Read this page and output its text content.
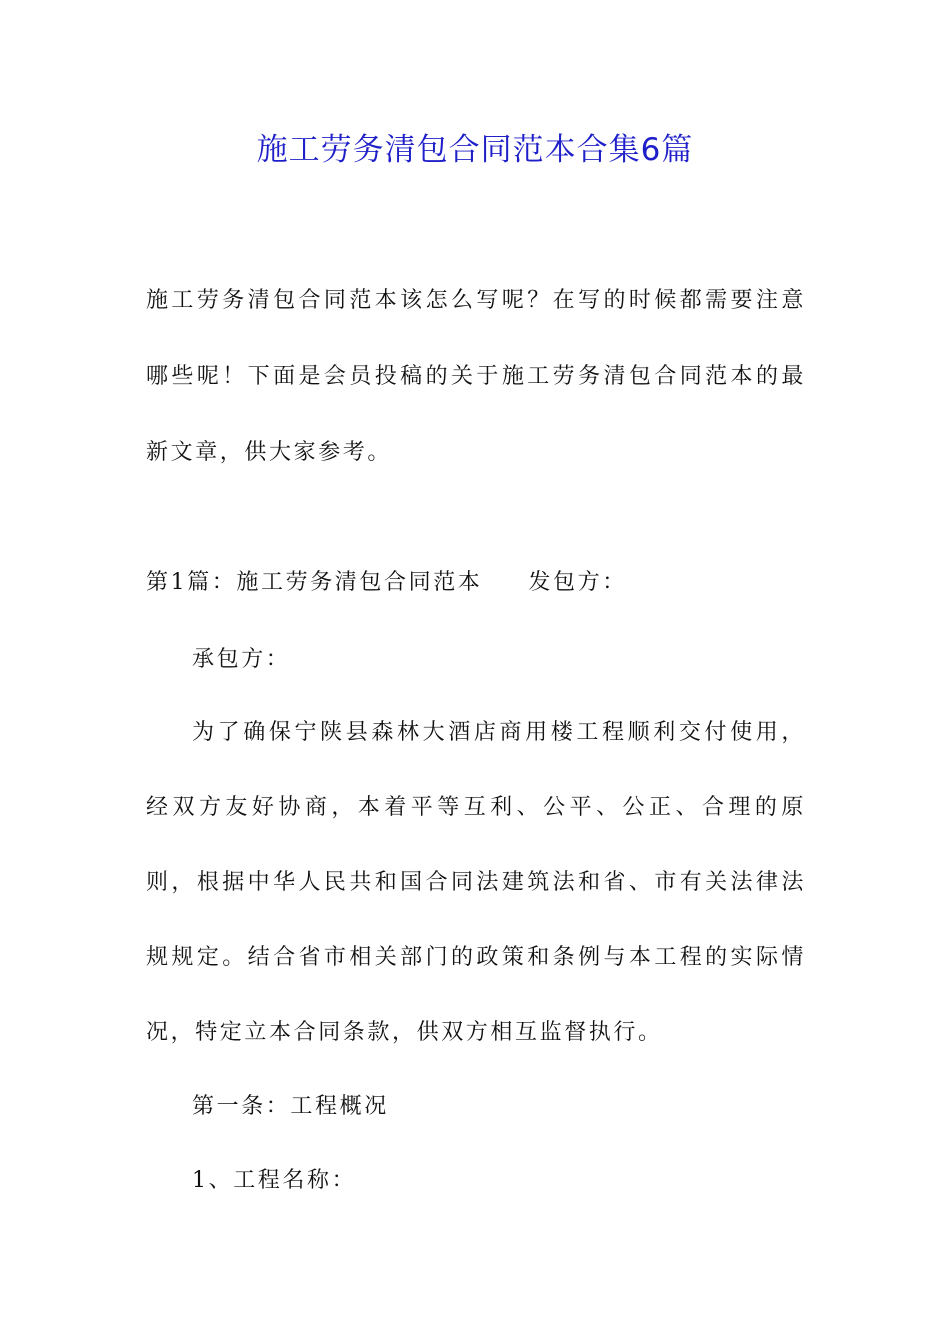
施工劳务清包合同范本合集6篇

施工劳务清包合同范本该怎么写呢？在写的时候都需要注意哪些呢！下面是会员投稿的关于施工劳务清包合同范本的最新文章，供大家参考。

第1篇：施工劳务清包合同范本 发包方：

承包方：

为了确保宁陕县森林大酒店商用楼工程顺利交付使用，经双方友好协商，本着平等互利、公平、公正、合理的原则，根据中华人民共和国合同法建筑法和省、市有关法律法规规定。结合省市相关部门的政策和条例与本工程的实际情况，特定立本合同条款，供双方相互监督执行。

第一条：工程概况

1、工程名称：
